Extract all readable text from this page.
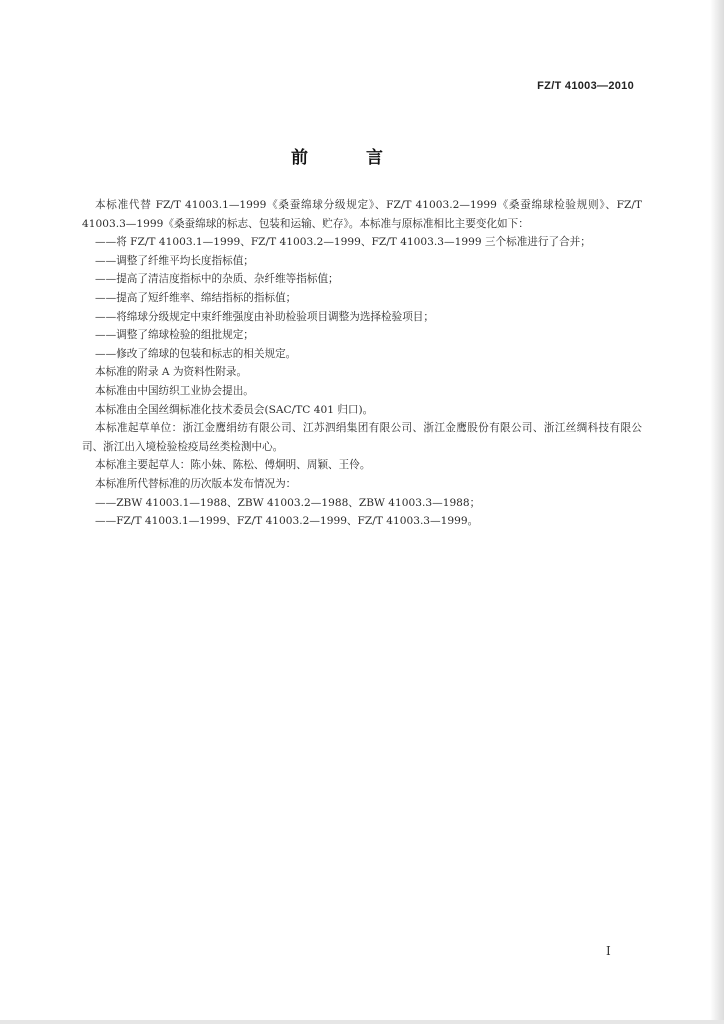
FZ/T 41003—2010
前 言

本标准代替 FZ/T 41003.1—1999《桑蚕绵球分级规定》、FZ/T 41003.2—1999《桑蚕绵球检验规则》、FZ/T 41003.3—1999《桑蚕绵球的标志、包装和运输、贮存》。本标准与原标准相比主要变化如下：

——将 FZ/T 41003.1—1999、FZ/T 41003.2—1999、FZ/T 41003.3—1999 三个标准进行了合并；

——调整了纤维平均长度指标值；

——提高了清洁度指标中的杂质、杂纤维等指标值；

——提高了短纤维率、绵结指标的指标值；

——将绵球分级规定中束纤维强度由补助检验项目调整为选择检验项目；

——调整了绵球检验的组批规定；

——修改了绵球的包装和标志的相关规定。

本标准的附录 A 为资料性附录。

本标准由中国纺织工业协会提出。

本标准由全国丝绸标准化技术委员会(SAC/TC 401 归口)。

本标准起草单位：浙江金鹰绢纺有限公司、江苏泗绢集团有限公司、浙江金鹰股份有限公司、浙江丝绸科技有限公司、浙江出入境检验检疫局丝类检测中心。

本标准主要起草人：陈小妹、陈松、傅炯明、周颖、王伶。

本标准所代替标准的历次版本发布情况为：

——ZBW 41003.1—1988、ZBW 41003.2—1988、ZBW 41003.3—1988；

——FZ/T 41003.1—1999、FZ/T 41003.2—1999、FZ/T 41003.3—1999。

I
